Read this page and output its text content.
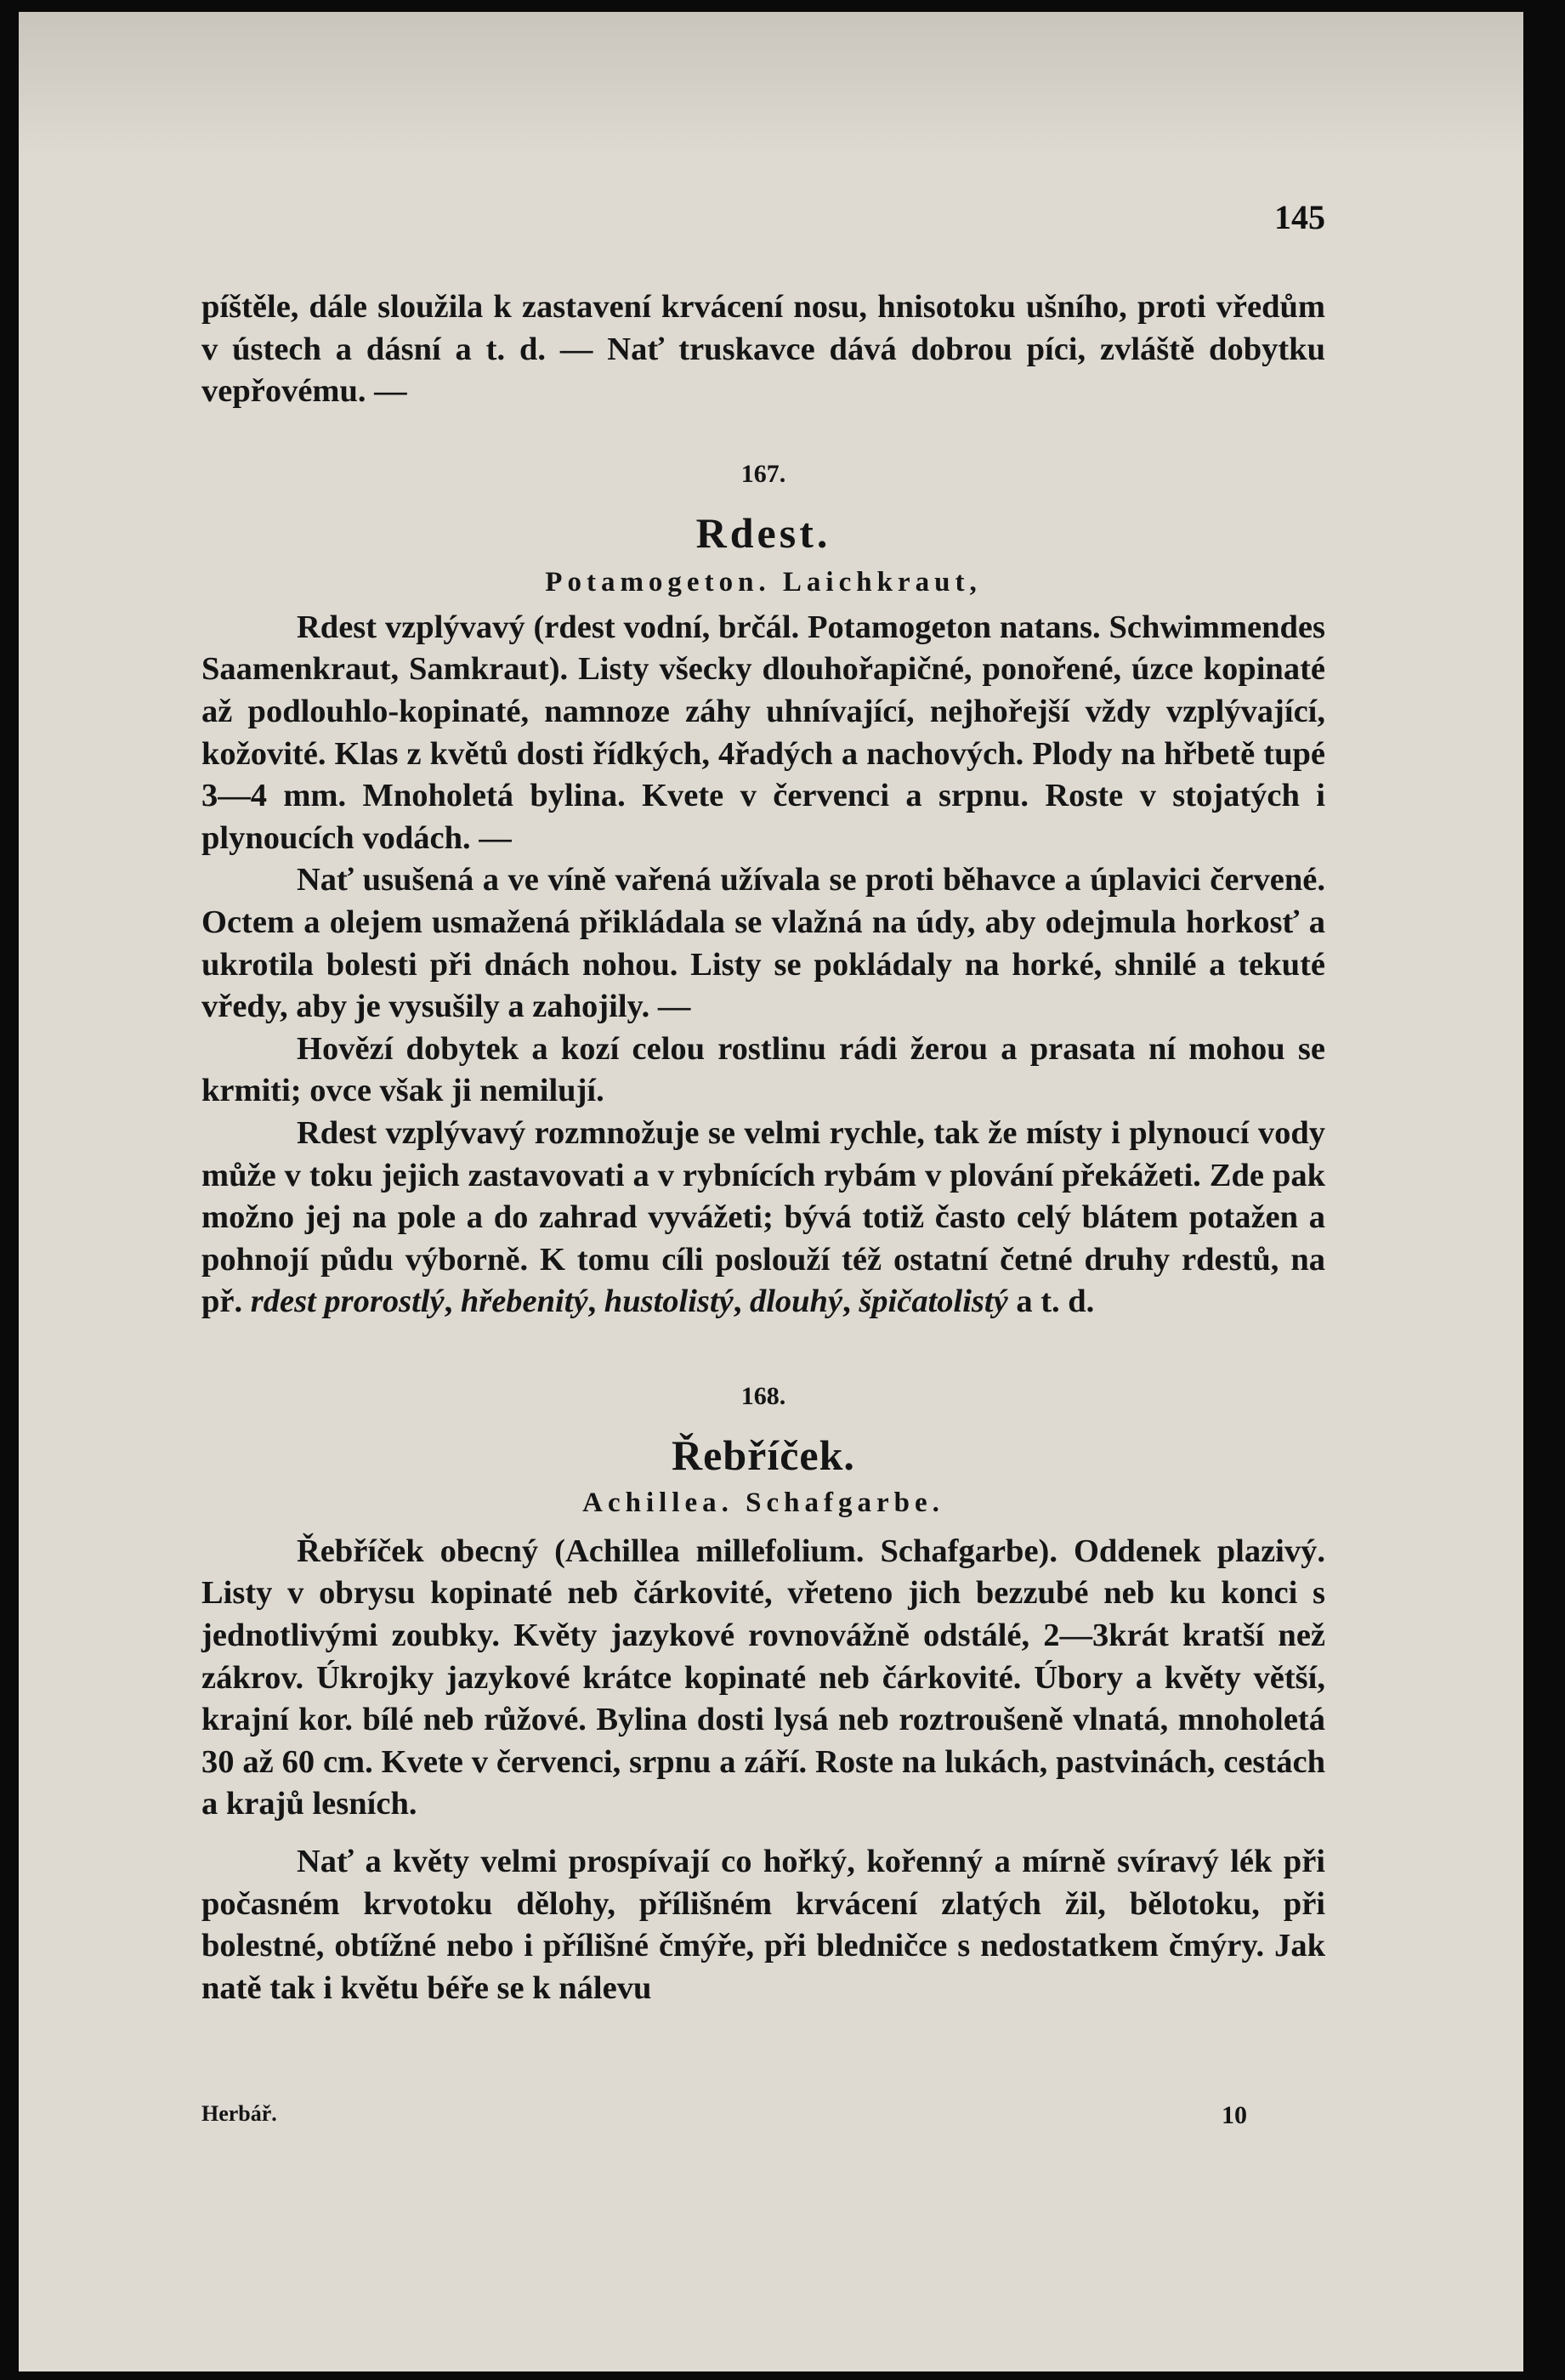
145

píštěle, dále sloužila k zastavení krvácení nosu, hnisotoku ušního, proti vředům v ústech a dásní a t. d. — Nať truskavce dává dobrou píci, zvláště dobytku vepřovému. —

167.

Rdest.

Potamogeton. Laichkraut,

Rdest vzplývavý (rdest vodní, brčál. Potamogeton natans. Schwimmendes Saamenkraut, Samkraut). Listy všecky dlouhořapičné, ponořené, úzce kopinaté až podlouhlo-kopinaté, namnoze záhy uhnívající, nejhořejší vždy vzplývající, kožovité. Klas z květů dosti řídkých, 4řadých a nachových. Plody na hřbetě tupé 3—4 mm. Mnoholetá bylina. Kvete v červenci a srpnu. Roste v stojatých i plynoucích vodách. —

Nať usušená a ve víně vařená užívala se proti běhavce a úplavici červené. Octem a olejem usmažená přikládala se vlažná na údy, aby odejmula horkosť a ukrotila bolesti při dnách nohou. Listy se pokládaly na horké, shnilé a tekuté vředy, aby je vysušily a zahojily. —

Hovězí dobytek a kozí celou rostlinu rádi žerou a prasata ní mohou se krmiti; ovce však ji nemilují.

Rdest vzplývavý rozmnožuje se velmi rychle, tak že místy i plynoucí vody může v toku jejich zastavovati a v rybnících rybám v plování překážeti. Zde pak možno jej na pole a do zahrad vyvážeti; bývá totiž často celý blátem potažen a pohnojí půdu výborně. K tomu cíli poslouží též ostatní četné druhy rdestů, na př. rdest prorostlý, hřebenitý, hustolistý, dlouhý, špičatolistý a t. d.

168.

Řebříček.

Achillea. Schafgarbe.

Řebříček obecný (Achillea millefolium. Schafgarbe). Oddenek plazivý. Listy v obrysu kopinaté neb čárkovité, vřeteno jich bezzubé neb ku konci s jednotlivými zoubky. Květy jazykové rovnovážně odstálé, 2—3krát kratší než zákrov. Úkrojky jazykové krátce kopinaté neb čárkovité. Úbory a květy větší, krajní kor. bílé neb růžové. Bylina dosti lysá neb roztroušeně vlnatá, mnoholetá 30 až 60 cm. Kvete v červenci, srpnu a září. Roste na lukách, pastvinách, cestách a krajů lesních.

Nať a květy velmi prospívají co hořký, kořenný a mírně svíravý lék při počasném krvotoku dělohy, přílišném krvácení zlatých žil, bělotoku, při bolestné, obtížné nebo i přílišné čmýře, při bledničce s nedostatkem čmýry. Jak natě tak i květu béře se k nálevu

Herbář.	10
